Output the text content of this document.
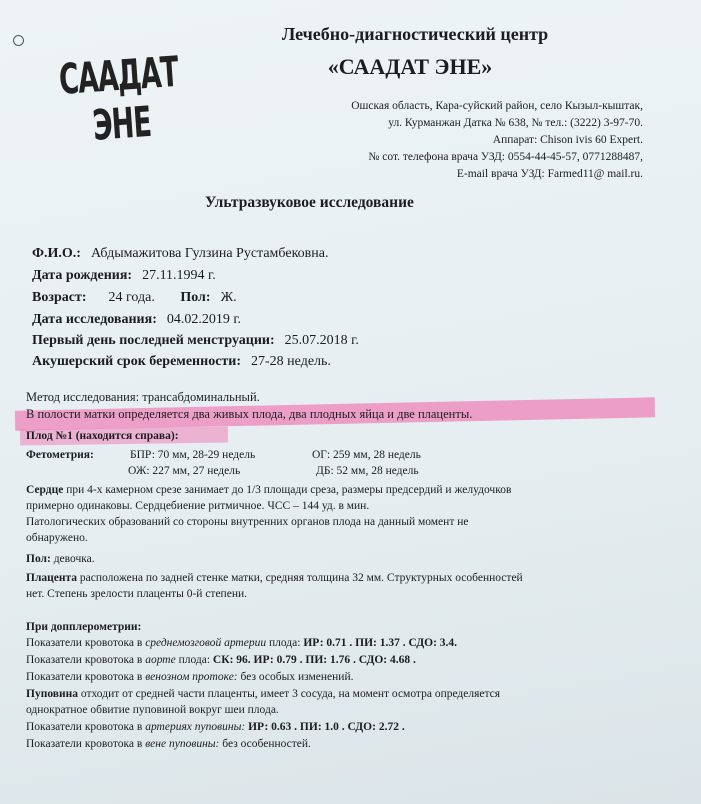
СААДАТ ЭНЕ
Лечебно-диагностический центр
«СААДАТ ЭНЕ»
Ошская область, Кара-суйский район, село Кызыл-кыштак,
ул. Курманжан Датка № 638, № тел.: (3222) 3-97-70.
Аппарат: Chison ivis 60 Expert.
№ сот. телефона врача УЗД: 0554-44-45-57, 0771288487,
E-mail врача УЗД: Farmed11@ mail.ru.
Ультразвуковое исследование
Ф.И.О.: Абдымажитова Гулзина Рустамбековна.
Дата рождения: 27.11.1994 г.
Возраст: 24 года. Пол: Ж.
Дата исследования: 04.02.2019 г.
Первый день последней менструации: 25.07.2018 г.
Акушерский срок беременности: 27-28 недель.
Метод исследования: трансабдоминальный.
В полости матки определяется два живых плода, два плодных яйца и две плаценты.
Плод №1 (находится справа):
Фетометрия:	БПР: 70 мм, 28-29 недель	ОГ: 259 мм, 28 недель
ОЖ: 227 мм, 27 недель	ДБ: 52 мм, 28 недель
Сердце при 4-х камерном срезе занимает до 1/3 площади среза, размеры предсердий и желудочков
примерно одинаковы. Сердцебиение ритмичное. ЧСС – 144 уд. в мин.
Патологических образований со стороны внутренних органов плода на данный момент не
обнаружено.
Пол: девочка.
Плацента расположена по задней стенке матки, средняя толщина 32 мм. Структурных особенностей
нет. Степень зрелости плаценты 0-й степени.
При допплерометрии:
Показатели кровотока в среднемозговой артерии плода: ИР: 0.71 . ПИ: 1.37 . СДО: 3.4.
Показатели кровотока в аорте плода: СК: 96. ИР: 0.79 . ПИ: 1.76 . СДО: 4.68 .
Показатели кровотока в венозном протоке: без особых изменений.
Пуповина отходит от средней части плаценты, имеет 3 сосуда, на момент осмотра определяется
однократное обвитие пуповиной вокруг шеи плода.
Показатели кровотока в артериях пуповины: ИР: 0.63 . ПИ: 1.0 . СДО: 2.72 .
Показатели кровотока в вене пуповины: без особенностей.
